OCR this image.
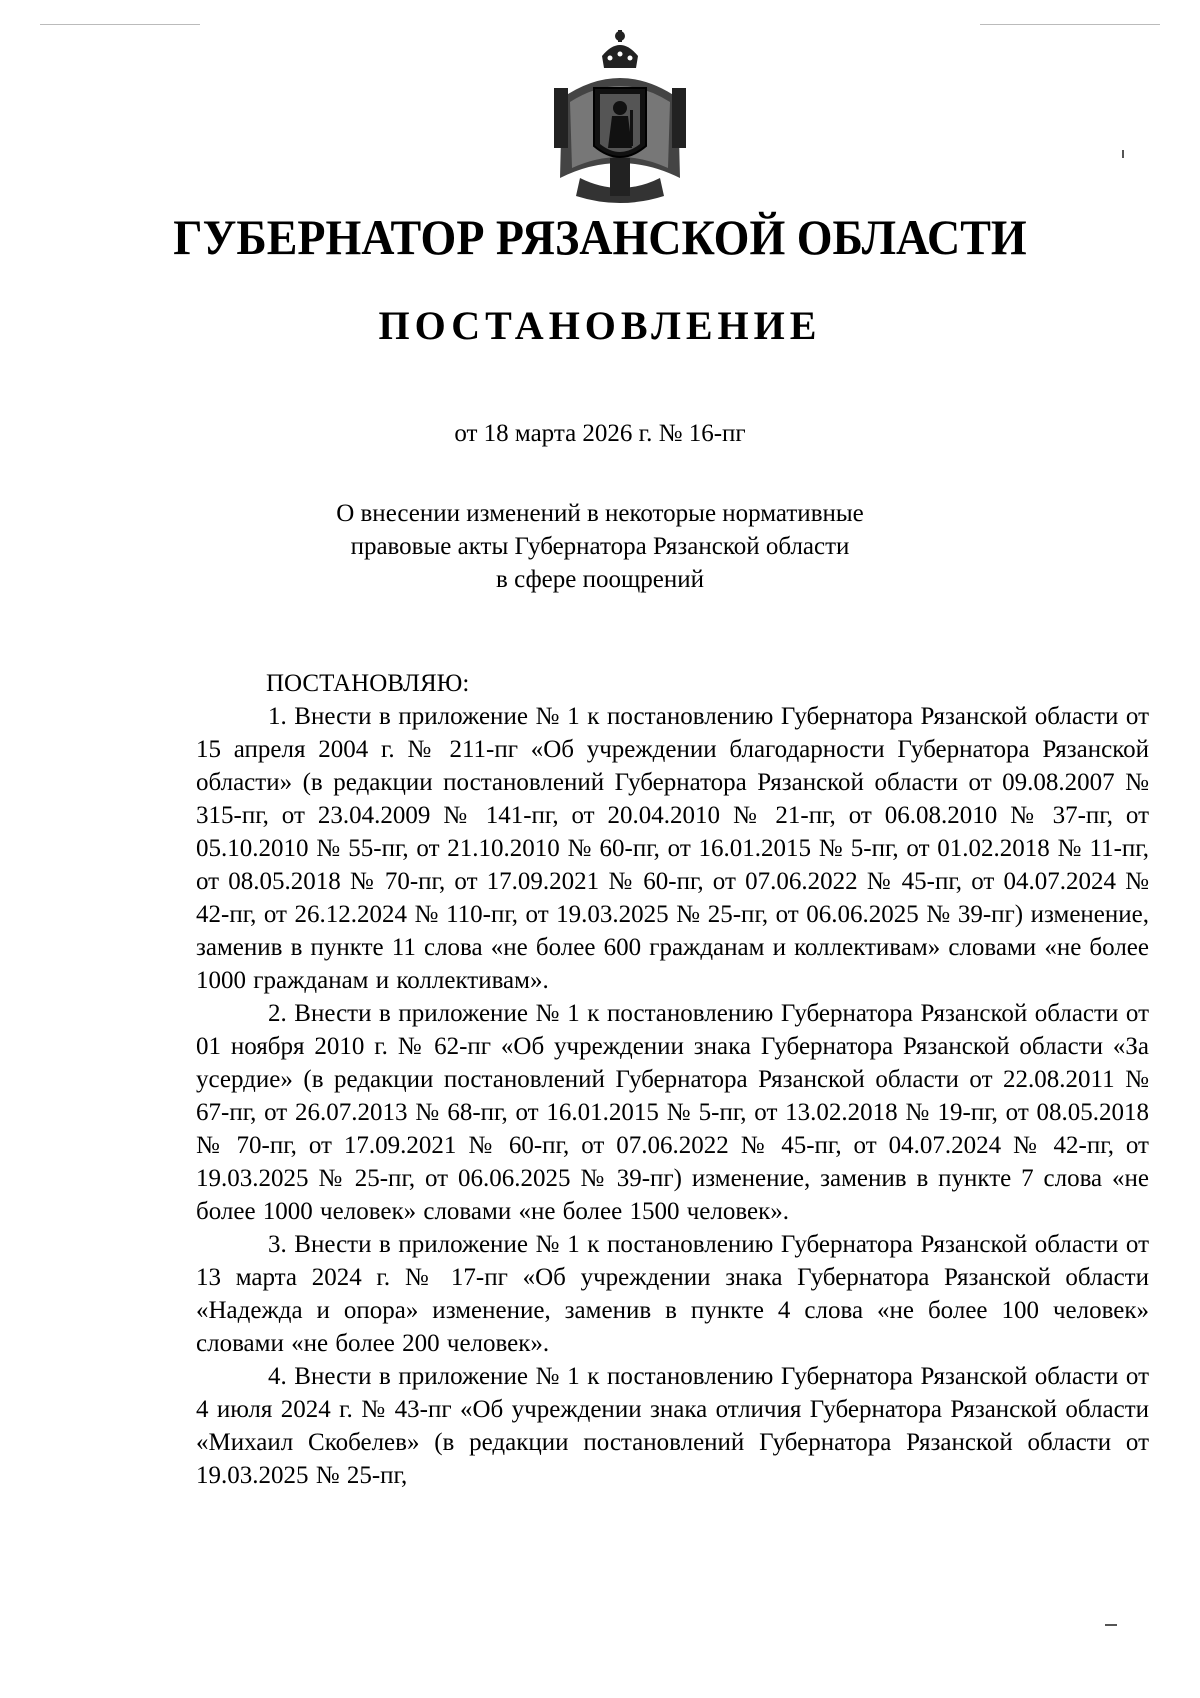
ГУБЕРНАТОР РЯЗАНСКОЙ ОБЛАСТИ
ПОСТАНОВЛЕНИЕ
от 18 марта 2026 г. № 16-пг
О внесении изменений в некоторые нормативные
правовые акты Губернатора Рязанской области
в сфере поощрений

ПОСТАНОВЛЯЮ:

1. Внести в приложение № 1 к постановлению Губернатора Рязанской области от 15 апреля 2004 г. № 211-пг «Об учреждении благодарности Губернатора Рязанской области» (в редакции постановлений Губернатора Рязанской области от 09.08.2007 № 315-пг, от 23.04.2009 № 141-пг, от 20.04.2010 № 21-пг, от 06.08.2010 № 37-пг, от 05.10.2010 № 55-пг, от 21.10.2010 № 60-пг, от 16.01.2015 № 5-пг, от 01.02.2018 № 11-пг, от 08.05.2018 № 70-пг, от 17.09.2021 № 60-пг, от 07.06.2022 № 45-пг, от 04.07.2024 № 42-пг, от 26.12.2024 № 110-пг, от 19.03.2025 № 25-пг, от 06.06.2025 № 39-пг) изменение, заменив в пункте 11 слова «не более 600 гражданам и коллективам» словами «не более 1000 гражданам и коллективам».

2. Внести в приложение № 1 к постановлению Губернатора Рязанской области от 01 ноября 2010 г. № 62-пг «Об учреждении знака Губернатора Рязанской области «За усердие» (в редакции постановлений Губернатора Рязанской области от 22.08.2011 № 67-пг, от 26.07.2013 № 68-пг, от 16.01.2015 № 5-пг, от 13.02.2018 № 19-пг, от 08.05.2018 № 70-пг, от 17.09.2021 № 60-пг, от 07.06.2022 № 45-пг, от 04.07.2024 № 42-пг, от 19.03.2025 № 25-пг, от 06.06.2025 № 39-пг) изменение, заменив в пункте 7 слова «не более 1000 человек» словами «не более 1500 человек».

3. Внести в приложение № 1 к постановлению Губернатора Рязанской области от 13 марта 2024 г. № 17-пг «Об учреждении знака Губернатора Рязанской области «Надежда и опора» изменение, заменив в пункте 4 слова «не более 100 человек» словами «не более 200 человек».

4. Внести в приложение № 1 к постановлению Губернатора Рязанской области от 4 июля 2024 г. № 43-пг «Об учреждении знака отличия Губернатора Рязанской области «Михаил Скобелев» (в редакции постановлений Губернатора Рязанской области от 19.03.2025 № 25-пг,
